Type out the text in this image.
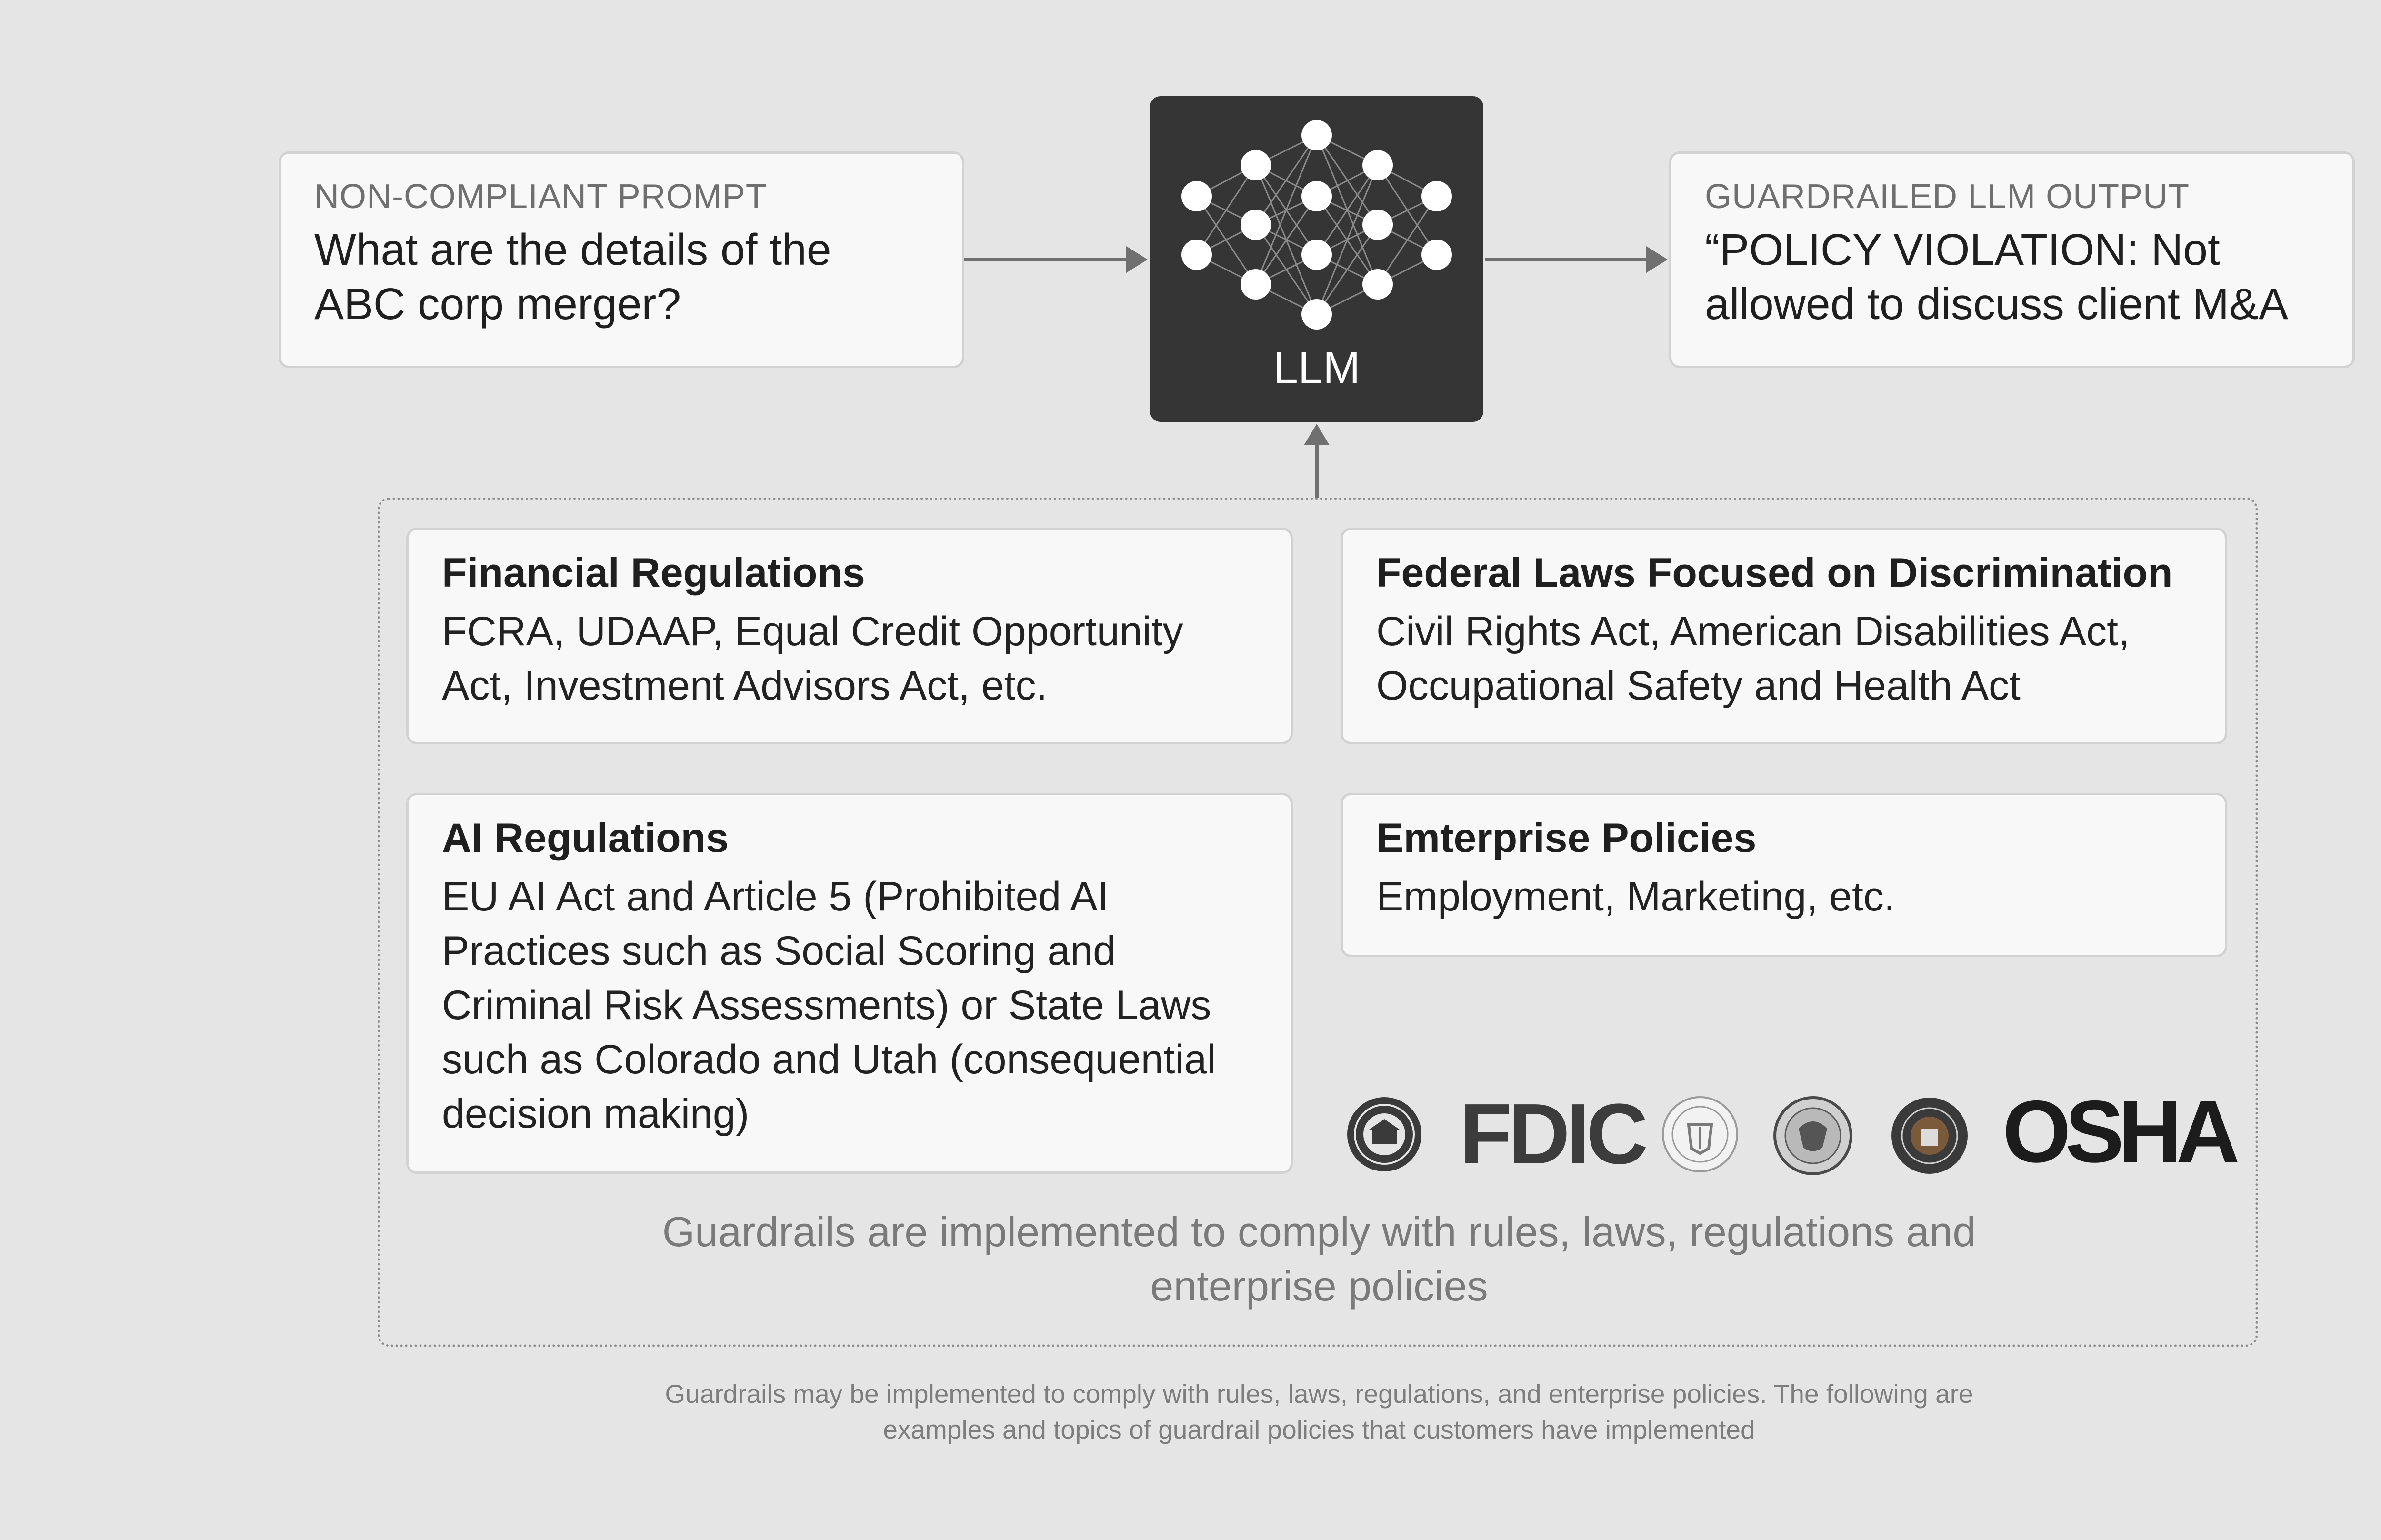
NON-COMPLIANT PROMPT
What are the details of the ABC corp merger?
LLM
GUARDRAILED LLM OUTPUT
“POLICY VIOLATION: Not allowed to discuss client M&A
Financial Regulations
FCRA, UDAAP, Equal Credit Opportunity Act, Investment Advisors Act, etc.
Federal Laws Focused on Discrimination
Civil Rights Act, American Disabilities Act, Occupational Safety and Health Act
AI Regulations
EU AI Act and Article 5 (Prohibited AI Practices such as Social Scoring and Criminal Risk Assessments) or State Laws such as Colorado and Utah (consequential decision making)
Emterprise Policies
Employment, Marketing, etc.
FDIC	OSHA
Guardrails are implemented to comply with rules, laws, regulations and enterprise policies
Guardrails may be implemented to comply with rules, laws, regulations, and enterprise policies. The following are examples and topics of guardrail policies that customers have implemented
